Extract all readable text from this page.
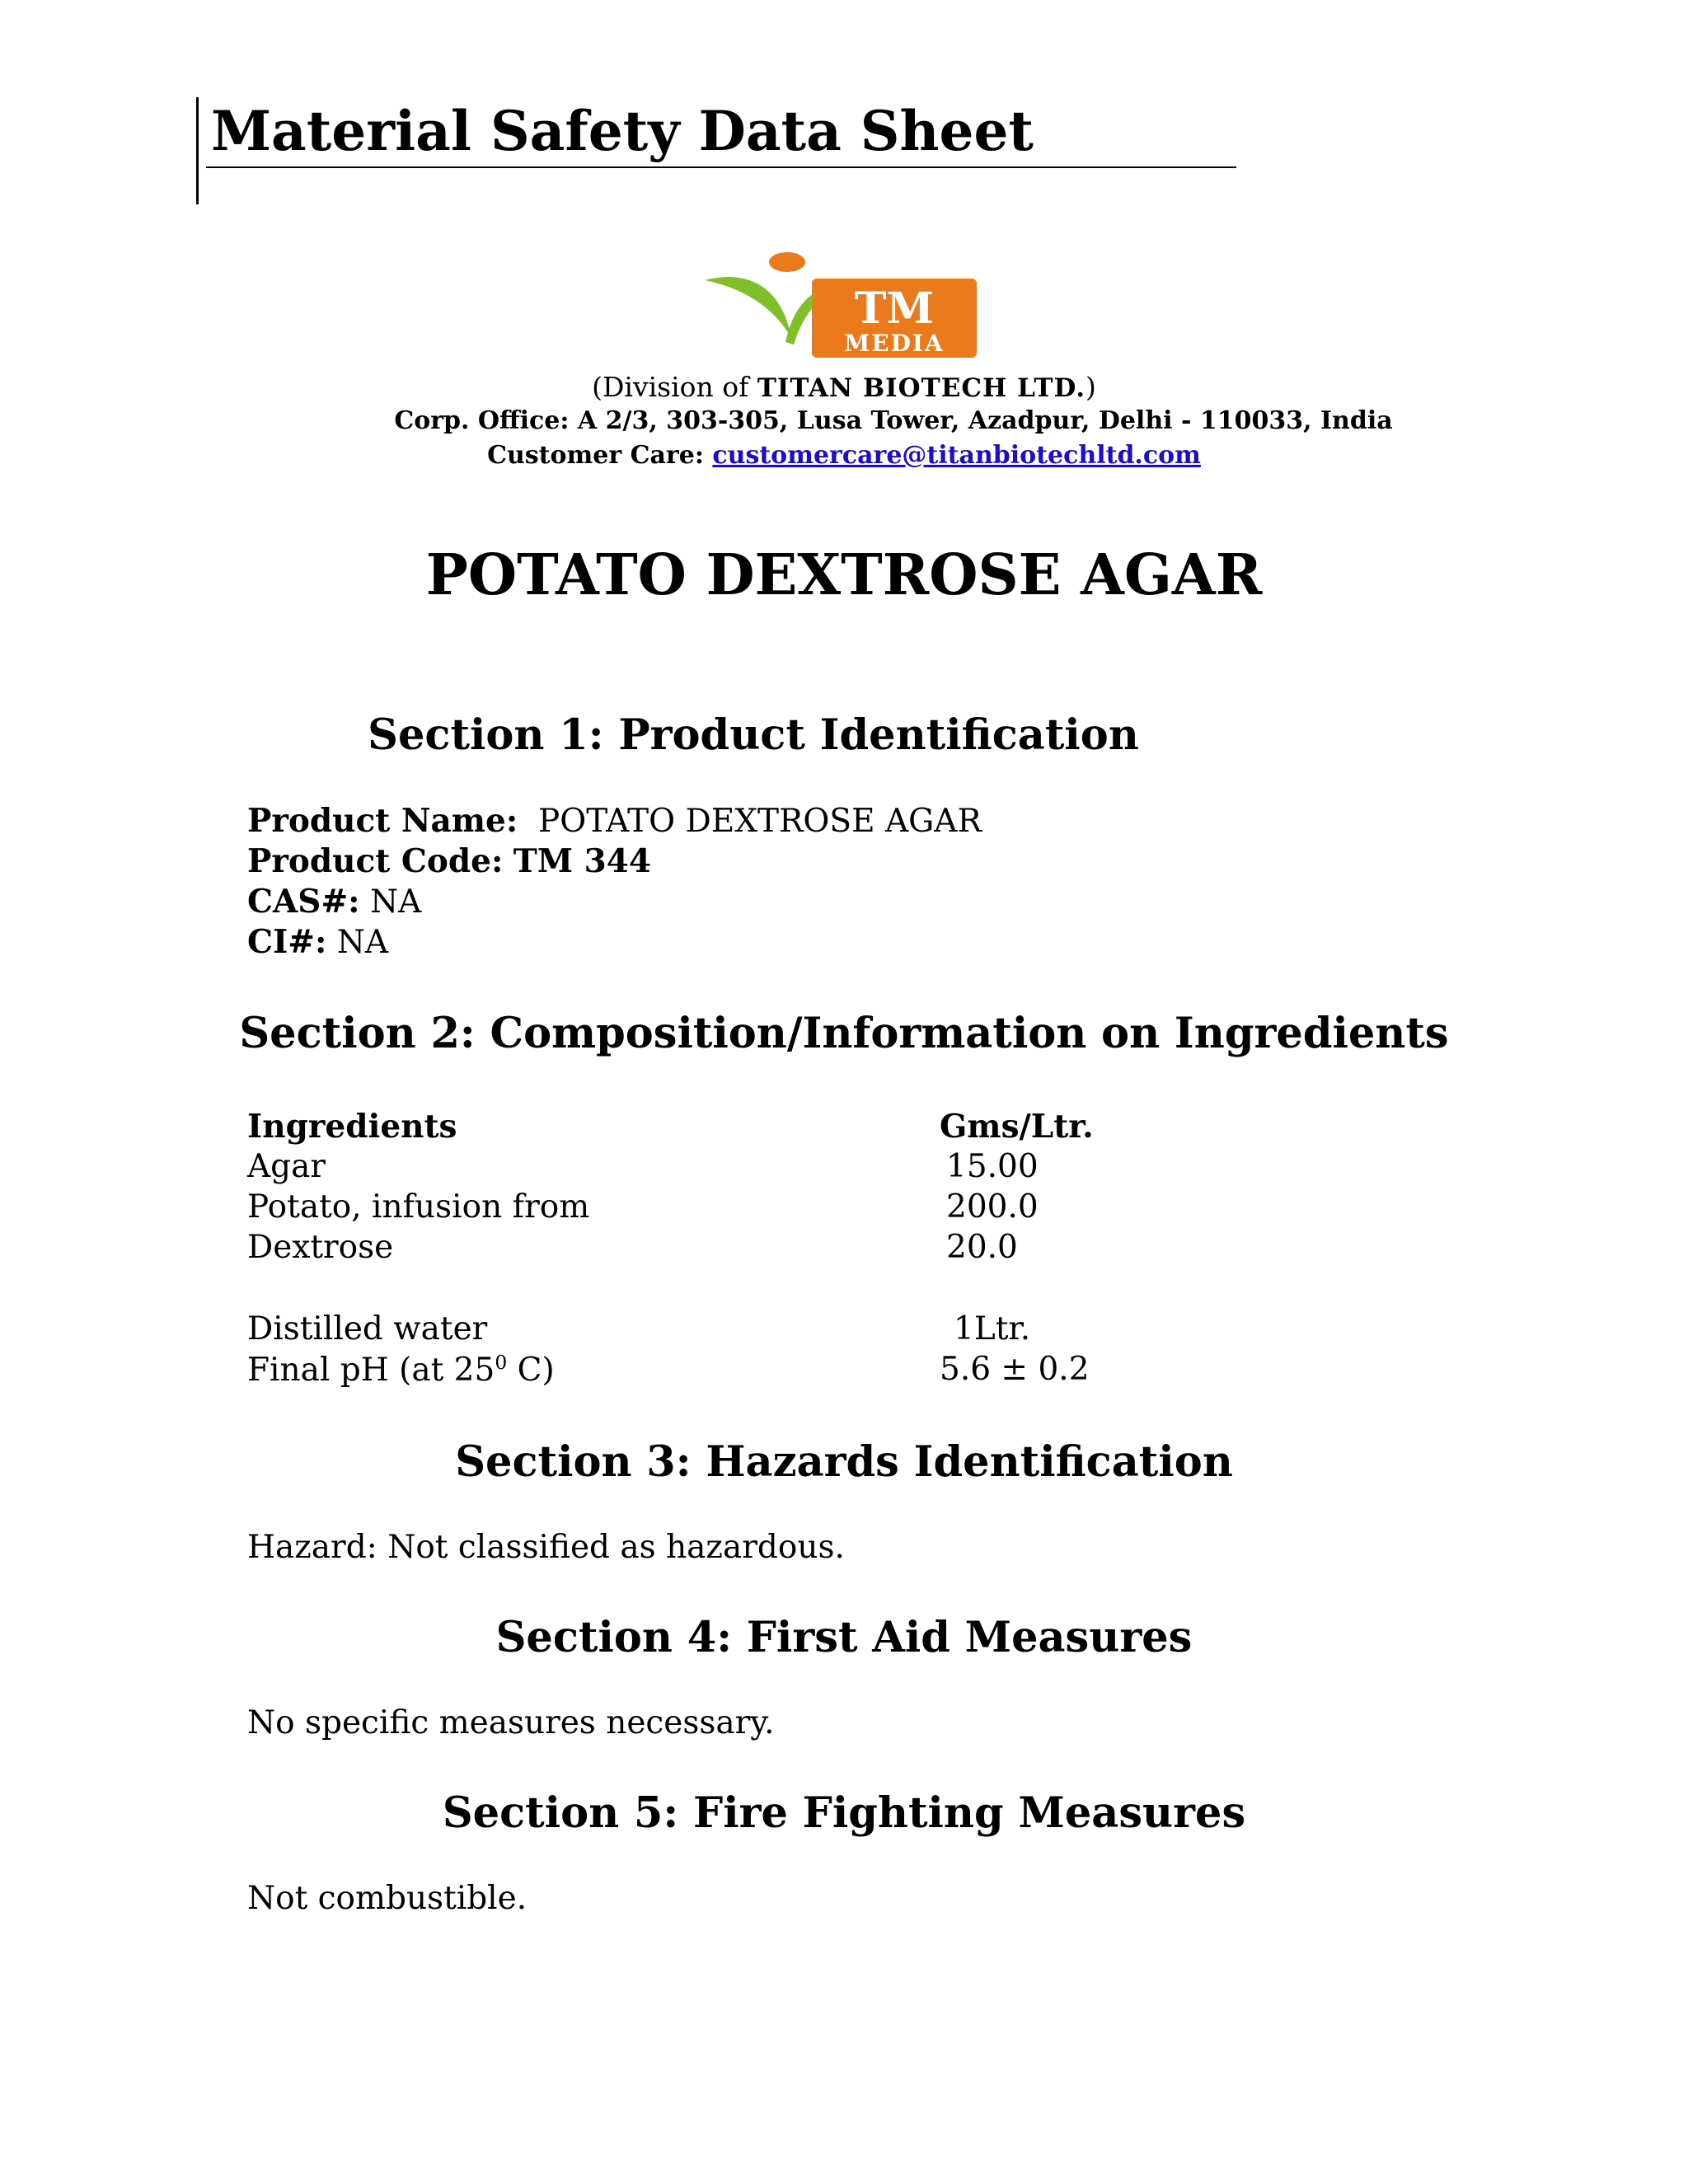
Material Safety Data Sheet
TM
MEDIA
(Division of TITAN BIOTECH LTD.)
Corp. Office: A 2/3, 303-305, Lusa Tower, Azadpur, Delhi - 110033, India
Customer Care: customercare@titanbiotechltd.com
POTATO DEXTROSE AGAR
Section 1: Product Identification
Product Name: POTATO DEXTROSE AGAR
Product Code: TM 344
CAS#: NA
CI#: NA
Section 2: Composition/Information on Ingredients
Ingredients	Gms/Ltr.
Agar	15.00
Potato, infusion from	200.0
Dextrose	20.0
Distilled water	1Ltr.
Final pH (at $25^0$ C)	5.6 ± 0.2
Section 3: Hazards Identification
Hazard: Not classified as hazardous.
Section 4: First Aid Measures
No specific measures necessary.
Section 5: Fire Fighting Measures
Not combustible.
